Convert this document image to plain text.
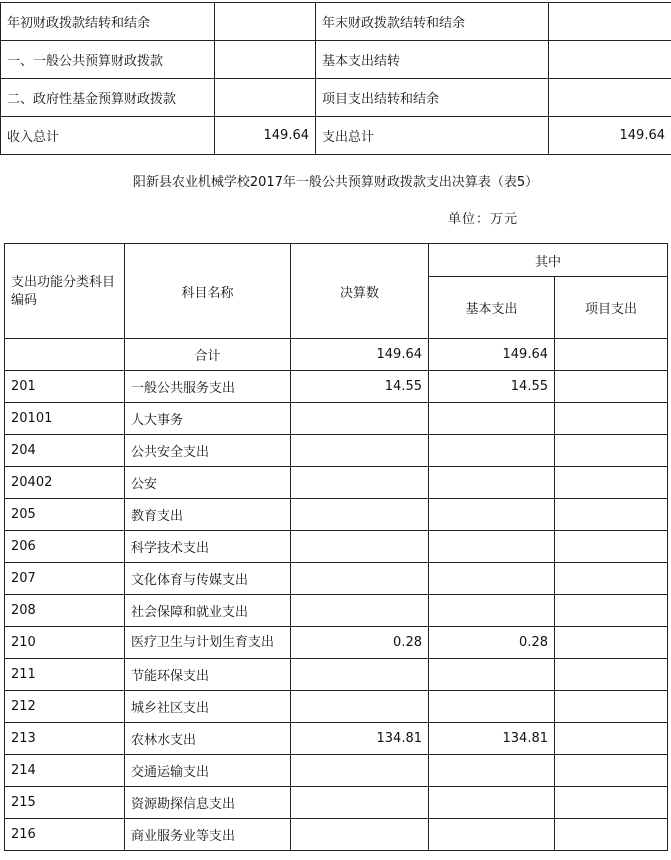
年初财政拨款结转和结余		年末财政拨款结转和结余	
一、一般公共预算财政拨款		基本支出结转	
二、政府性基金预算财政拨款		项目支出结转和结余	
收入总计	149.64	支出总计	149.64
阳新县农业机械学校2017年一般公共预算财政拨款支出决算表（表5）
单位：万元
支出功能分类科目编码	科目名称	决算数	其中	
			基本支出	项目支出
	合计	149.64	149.64	
201	一般公共服务支出	14.55	14.55	
20101	人大事务			
204	公共安全支出			
20402	公安			
205	教育支出			
206	科学技术支出			
207	文化体育与传媒支出			
208	社会保障和就业支出			
210	医疗卫生与计划生育支出	0.28	0.28	
211	节能环保支出			
212	城乡社区支出			
213	农林水支出	134.81	134.81	
214	交通运输支出			
215	资源勘探信息支出			
216	商业服务业等支出			
